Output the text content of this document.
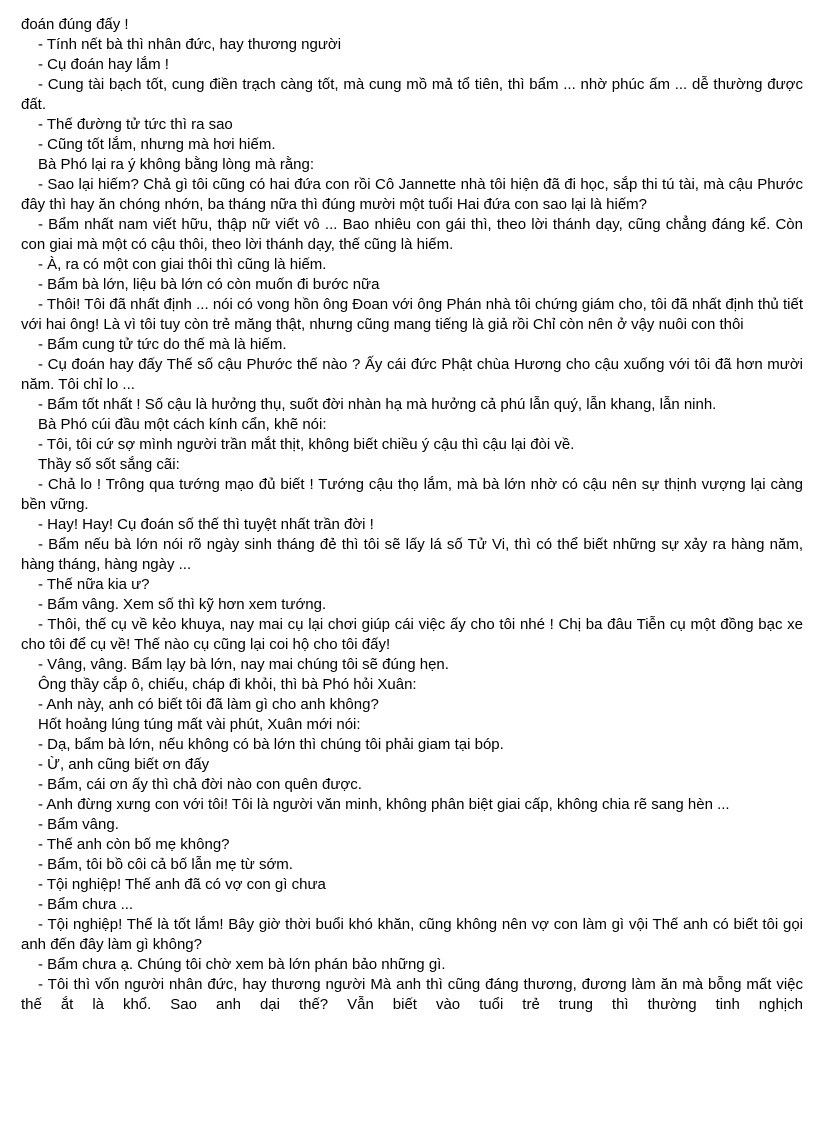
đoán đúng đấy !

- Tính nết bà thì nhân đức, hay thương người

- Cụ đoán hay lắm !

- Cung tài bạch tốt, cung điền trạch càng tốt, mà cung mồ mả tổ tiên, thì bẩm ... nhờ phúc ấm ... dễ thường được đất.

- Thế đường tử tức thì ra sao

- Cũng tốt lắm, nhưng mà hơi hiếm.

Bà Phó lại ra ý không bằng lòng mà rằng:

- Sao lại hiếm? Chả gì tôi cũng có hai đứa con rồi Cô Jannette nhà tôi hiện đã đi học, sắp thi tú tài, mà cậu Phước đây thì hay ăn chóng nhớn, ba tháng nữa thì đúng mười một tuổi Hai đứa con sao lại là hiếm?

- Bẩm nhất nam viết hữu, thập nữ viết vô ... Bao nhiêu con gái thì, theo lời thánh dạy, cũng chẳng đáng kể. Còn con giai mà một có cậu thôi, theo lời thánh dạy, thế cũng là hiếm.

- À, ra có một con giai thôi thì cũng là hiếm.

- Bẩm bà lớn, liệu bà lớn có còn muốn đi bước nữa

- Thôi! Tôi đã nhất định ... nói có vong hồn ông Đoan với ông Phán nhà tôi chứng giám cho, tôi đã nhất định thủ tiết với hai ông! Là vì tôi tuy còn trẻ măng thật, nhưng cũng mang tiếng là giả rồi Chỉ còn nên ở vậy nuôi con thôi

- Bẩm cung tử tức do thế mà là hiếm.

- Cụ đoán hay đấy Thế số cậu Phước thế nào ? Ấy cái đức Phật chùa Hương cho cậu xuống với tôi đã hơn mười năm. Tôi chỉ lo ...

- Bẩm tốt nhất ! Số cậu là hưởng thụ, suốt đời nhàn hạ mà hưởng cả phú lẫn quý, lẫn khang, lẫn ninh.

Bà Phó cúi đầu một cách kính cẩn, khẽ nói:

- Tôi, tôi cứ sợ mình người trần mắt thịt, không biết chiều ý cậu thì cậu lại đòi về.

Thầy số sốt sắng cãi:

- Chả lo ! Trông qua tướng mạo đủ biết ! Tướng cậu thọ lắm, mà bà lớn nhờ có cậu nên sự thịnh vượng lại càng bền vững.

- Hay! Hay! Cụ đoán số thế thì tuyệt nhất trần đời !

- Bẩm nếu bà lớn nói rõ ngày sinh tháng đẻ thì tôi sẽ lấy lá số Tử Vi, thì có thể biết những sự xảy ra hàng năm, hàng tháng, hàng ngày ...

- Thế nữa kia ư?

- Bẩm vâng. Xem số thì kỹ hơn xem tướng.

- Thôi, thế cụ về kẻo khuya, nay mai cụ lại chơi giúp cái việc ấy cho tôi nhé ! Chị ba đâu Tiễn cụ một đồng bạc xe cho tôi để cụ về! Thế nào cụ cũng lại coi hộ cho tôi đấy!

- Vâng, vâng. Bẩm lạy bà lớn, nay mai chúng tôi sẽ đúng hẹn.

Ông thầy cắp ô, chiếu, cháp đi khỏi, thì bà Phó hỏi Xuân:

- Anh này, anh có biết tôi đã làm gì cho anh không?

Hốt hoảng lúng túng mất vài phút, Xuân mới nói:

- Dạ, bẩm bà lớn, nếu không có bà lớn thì chúng tôi phải giam tại bóp.

- Ừ, anh cũng biết ơn đấy

- Bẩm, cái ơn ấy thì chả đời nào con quên được.

- Anh đừng xưng con với tôi! Tôi là người văn minh, không phân biệt giai cấp, không chia rẽ sang hèn ...

- Bẩm vâng.

- Thế anh còn bố mẹ không?

- Bẩm, tôi bồ côi cả bố lẫn mẹ từ sớm.

- Tội nghiệp! Thế anh đã có vợ con gì chưa

- Bẩm chưa ...

- Tội nghiệp! Thế là tốt lắm! Bây giờ thời buổi khó khăn, cũng không nên vợ con làm gì vội Thế anh có biết tôi gọi anh đến đây làm gì không?

- Bẩm chưa ạ. Chúng tôi chờ xem bà lớn phán bảo những gì.

- Tôi thì vốn người nhân đức, hay thương người Mà anh thì cũng đáng thương, đương làm ăn mà bỗng mất việc thế ắt là khổ. Sao anh dại thế? Vẫn biết vào tuổi trẻ trung thì thường tinh nghịch
